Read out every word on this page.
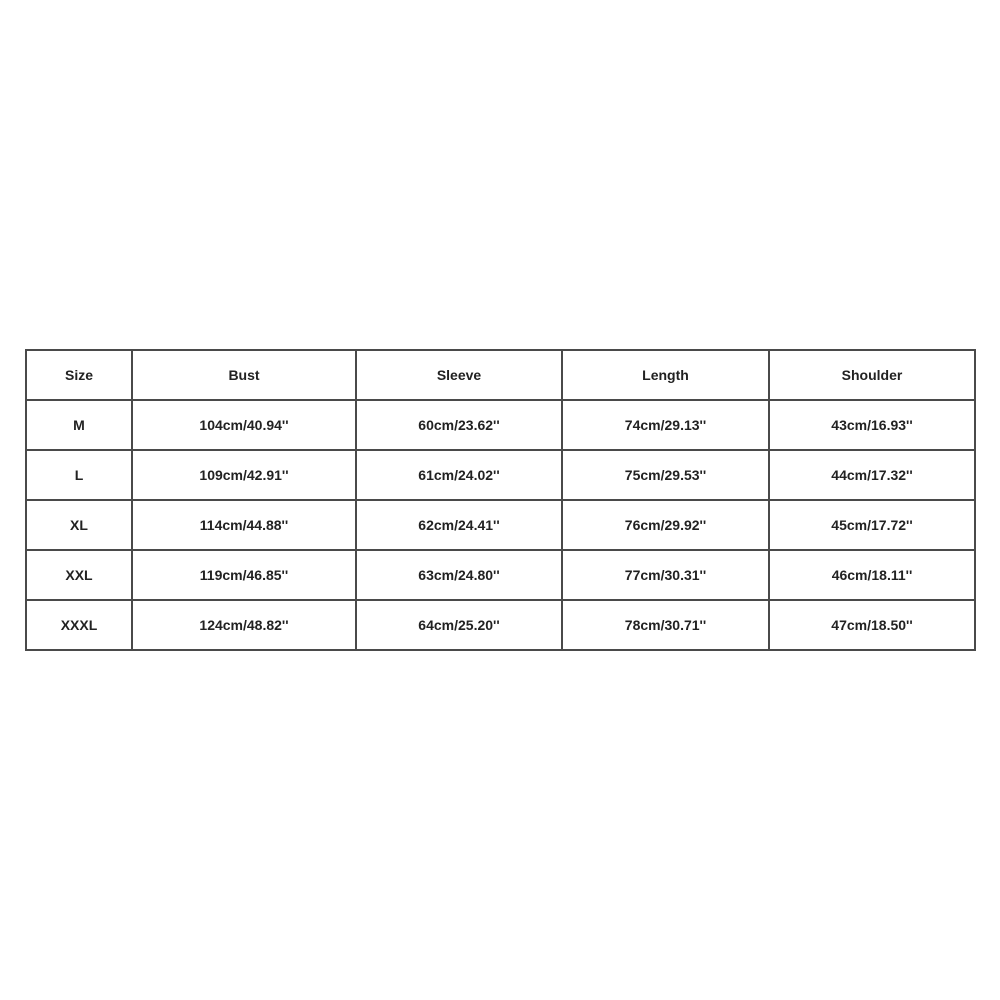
Size	Bust	Sleeve	Length	Shoulder
M	104cm/40.94''	60cm/23.62''	74cm/29.13''	43cm/16.93''
L	109cm/42.91''	61cm/24.02''	75cm/29.53''	44cm/17.32''
XL	114cm/44.88''	62cm/24.41''	76cm/29.92''	45cm/17.72''
XXL	119cm/46.85''	63cm/24.80''	77cm/30.31''	46cm/18.11''
XXXL	124cm/48.82''	64cm/25.20''	78cm/30.71''	47cm/18.50''
